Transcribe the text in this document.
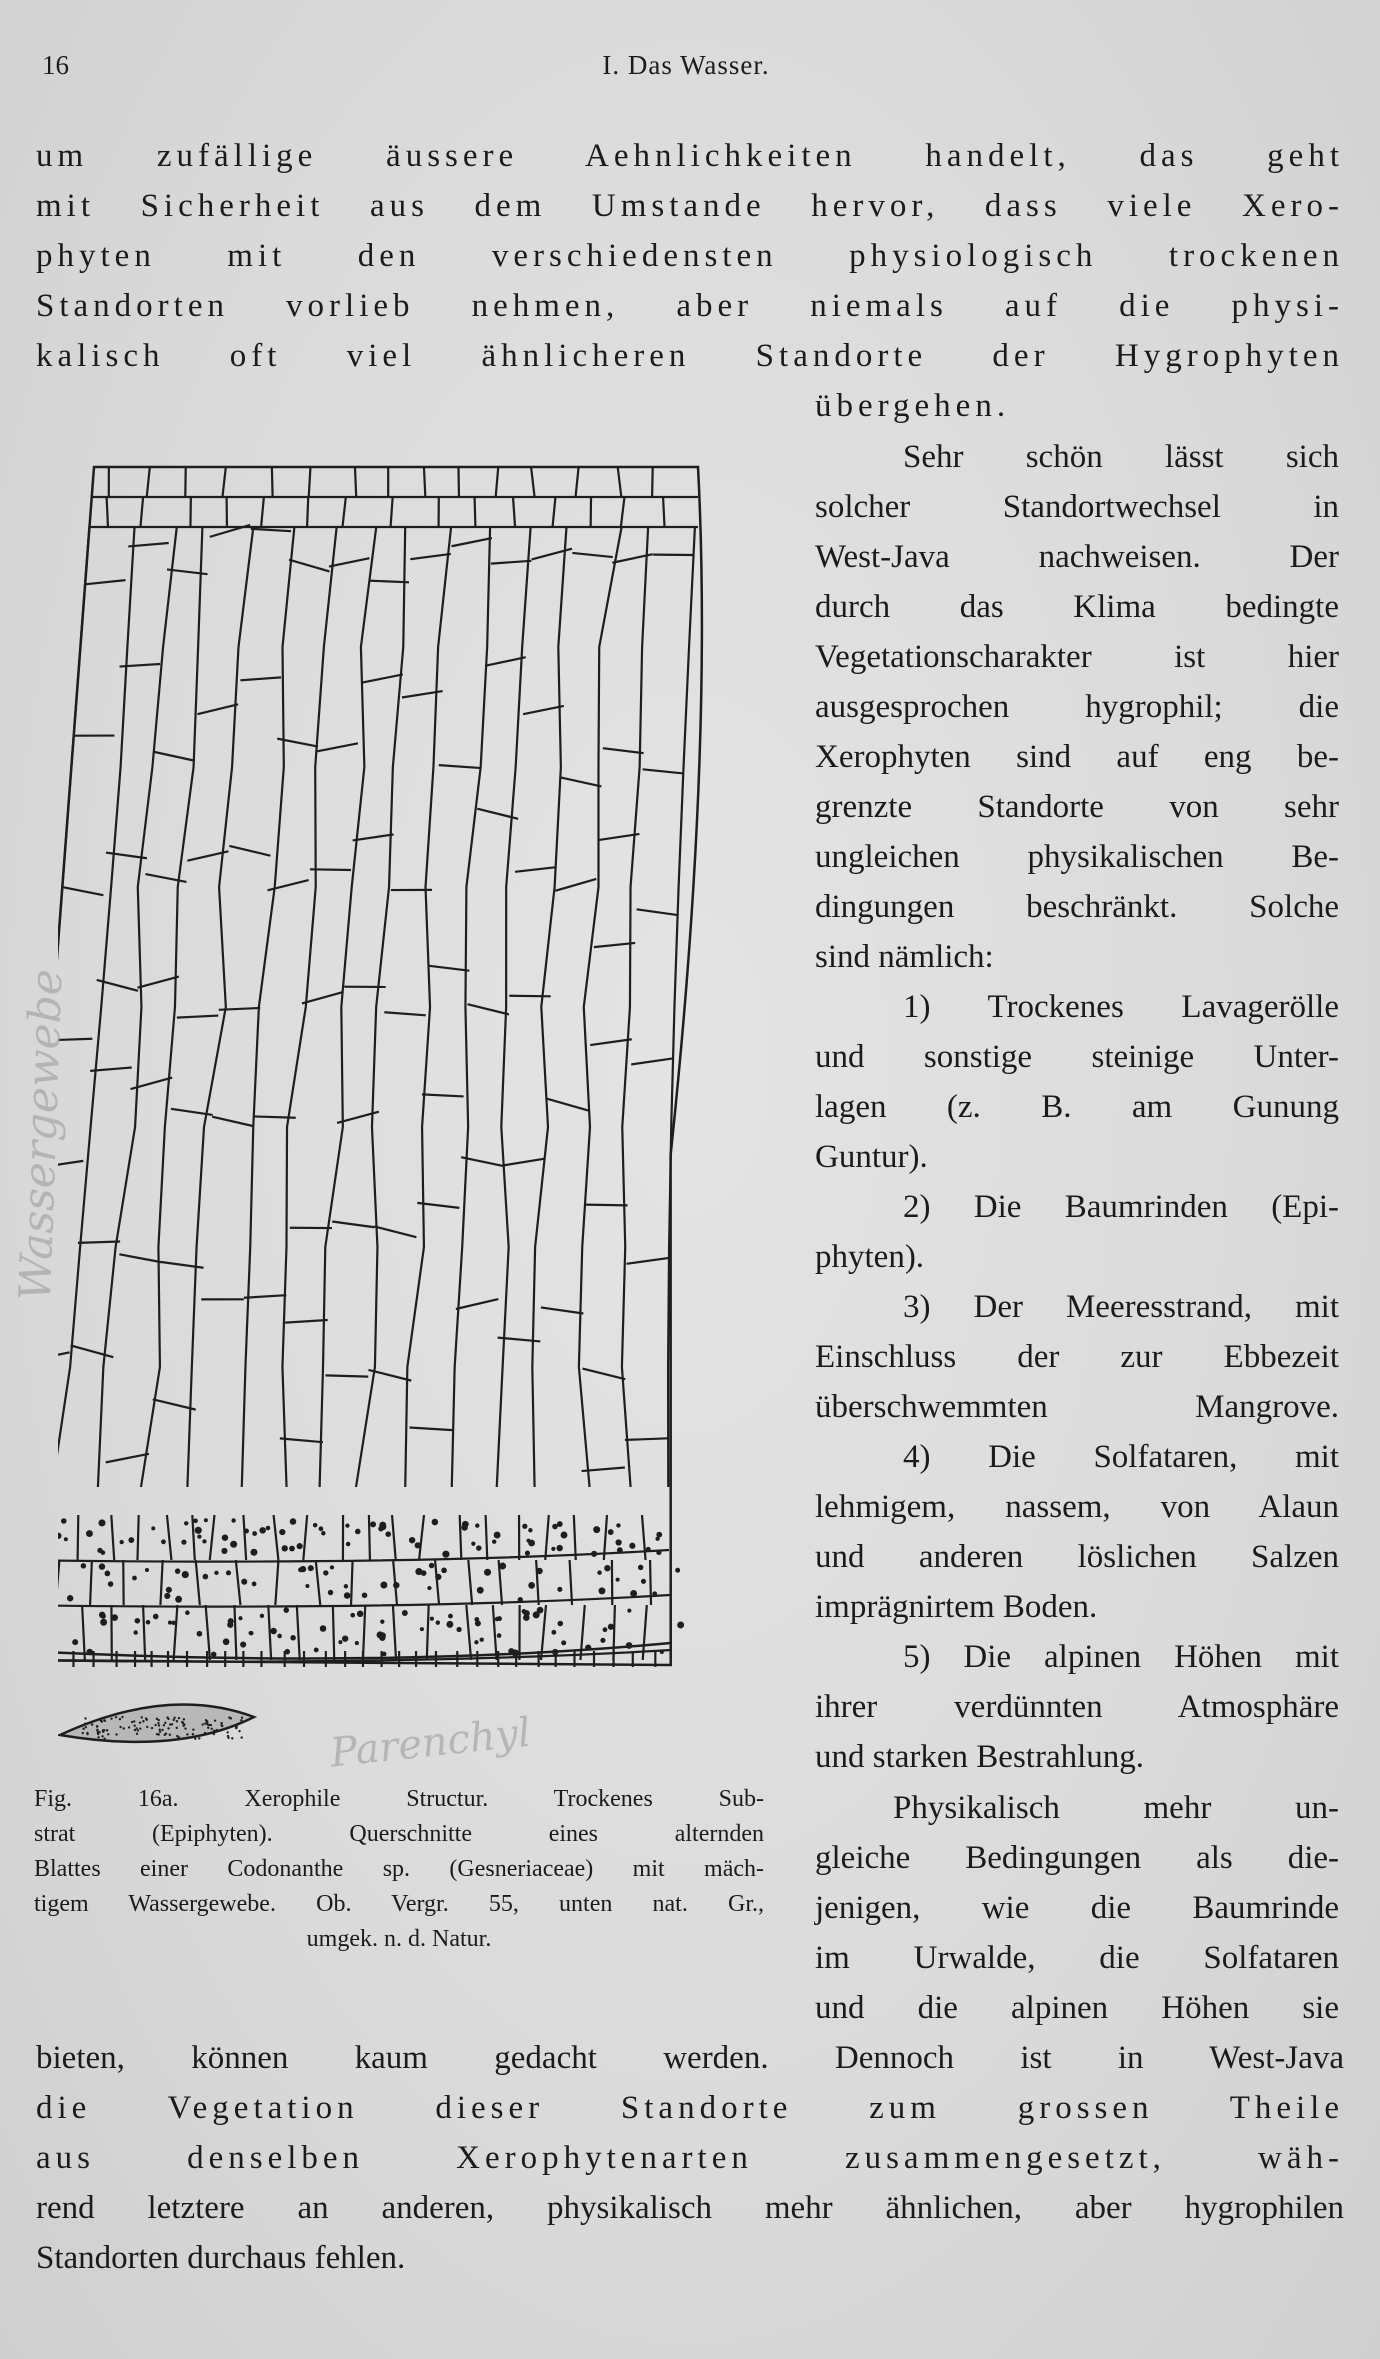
16	I. Das Wasser.
um zufällige äussere Aehnlichkeiten handelt, das geht
mit Sicherheit aus dem Umstande hervor, dass viele Xero-
phyten mit den verschiedensten physiologisch trockenen
Standorten vorlieb nehmen, aber niemals auf die physi-
kalisch oft viel ähnlicheren Standorte der Hygrophyten
übergehen.
Sehr schön lässt sich
solcher Standortwechsel in
West-Java nachweisen. Der
durch das Klima bedingte
Vegetationscharakter ist hier
ausgesprochen hygrophil; die
Xerophyten sind auf eng be-
grenzte Standorte von sehr
ungleichen physikalischen Be-
dingungen beschränkt. Solche
sind nämlich:
1) Trockenes Lavageröllе
und sonstige steinige Unter-
lagen (z. B. am Gunung
Guntur).
2) Die Baumrinden (Epi-
phyten).
3) Der Meeresstrand, mit
Einschluss der zur Ebbezeit
überschwemmten Mangrove.
4) Die Solfataren, mit
lehmigem, nassem, von Alaun
und anderen löslichen Salzen
imprägnirtem Boden.
5) Die alpinen Höhen mit
ihrer verdünnten Atmosphäre
und starken Bestrahlung.
Physikalisch mehr un-
gleiche Bedingungen als die-
jenigen, wie die Baumrinde
im Urwalde, die Solfataren
und die alpinen Höhen sie
bieten, können kaum gedacht werden. Dennoch ist in West-Java
die Vegetation dieser Standorte zum grossen Theile
aus denselben Xerophytenarten zusammengesetzt, wäh-
rend letztere an anderen, physikalisch mehr ähnlichen, aber hygrophilen
Standorten durchaus fehlen.
Fig. 16a. Xerophile Structur. Trockenes Sub-
strat (Epiphyten). Querschnitte eines alternden
Blattes einer Codonanthe sp. (Gesneriaceae) mit mäch-
tigem Wassergewebe. Ob. Vergr. 55, unten nat. Gr.,
umgek. n. d. Natur.
Wassergewebe
Parenchyl
